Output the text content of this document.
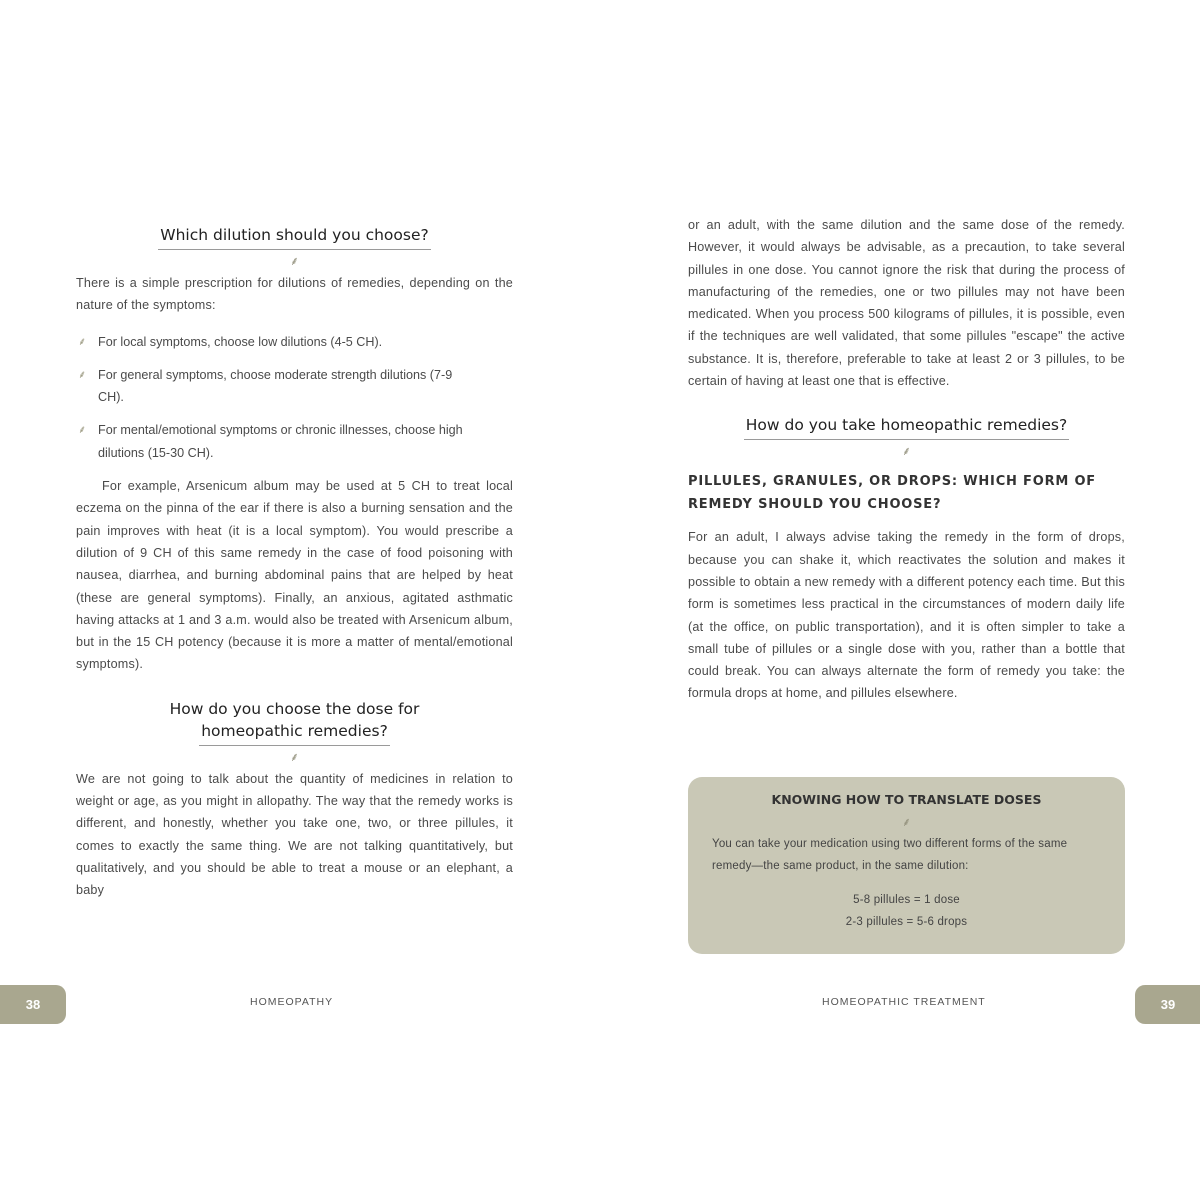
Which dilution should you choose?
⸙

There is a simple prescription for dilutions of remedies, depending on the nature of the symptoms:

⸙ For local symptoms, choose low dilutions (4-5 CH).
⸙ For general symptoms, choose moderate strength dilutions (7-9 CH).
⸙ For mental/emotional symptoms or chronic illnesses, choose high dilutions (15-30 CH).

For example, Arsenicum album may be used at 5 CH to treat local eczema on the pinna of the ear if there is also a burning sensation and the pain improves with heat (it is a local symptom). You would prescribe a dilution of 9 CH of this same remedy in the case of food poisoning with nausea, diarrhea, and burning abdominal pains that are helped by heat (these are general symptoms). Finally, an anxious, agitated asthmatic having attacks at 1 and 3 a.m. would also be treated with Arsenicum album, but in the 15 CH potency (because it is more a matter of mental/emotional symptoms).

How do you choose the dose for
homeopathic remedies?
⸙

We are not going to talk about the quantity of medicines in relation to weight or age, as you might in allopathy. The way that the remedy works is different, and honestly, whether you take one, two, or three pillules, it comes to exactly the same thing. We are not talking quantitatively, but qualitatively, and you should be able to treat a mouse or an elephant, a baby

or an adult, with the same dilution and the same dose of the remedy. However, it would always be advisable, as a precaution, to take several pillules in one dose. You cannot ignore the risk that during the process of manufacturing of the remedies, one or two pillules may not have been medicated. When you process 500 kilograms of pillules, it is possible, even if the techniques are well validated, that some pillules "escape" the active substance. It is, therefore, preferable to take at least 2 or 3 pillules, to be certain of having at least one that is effective.

How do you take homeopathic remedies?
⸙
PILLULES, GRANULES, OR DROPS: WHICH FORM OF REMEDY SHOULD YOU CHOOSE?

For an adult, I always advise taking the remedy in the form of drops, because you can shake it, which reactivates the solution and makes it possible to obtain a new remedy with a different potency each time. But this form is sometimes less practical in the circumstances of modern daily life (at the office, on public transportation), and it is often simpler to take a small tube of pillules or a single dose with you, rather than a bottle that could break. You can always alternate the form of remedy you take: the formula drops at home, and pillules elsewhere.

KNOWING HOW TO TRANSLATE DOSES
⸙

You can take your medication using two different forms of the same remedy—the same product, in the same dilution:

5-8 pillules = 1 dose

2-3 pillules = 5-6 drops

38	HOMEOPATHY	HOMEOPATHIC TREATMENT	39
